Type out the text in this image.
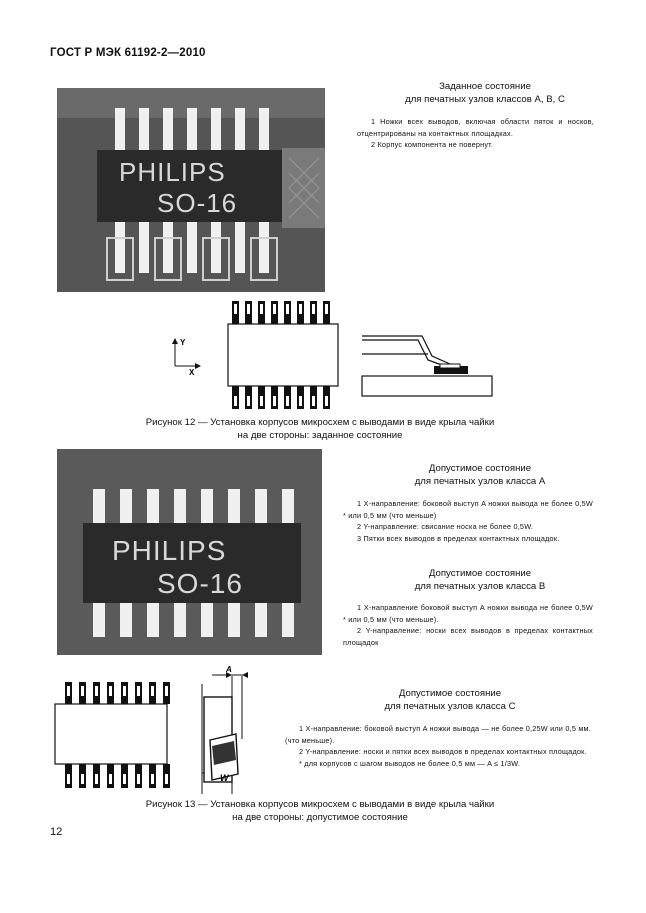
ГОСТ Р МЭК 61192-2—2010
PHILIPS
SO-16
Заданное состояние
для печатных узлов классов А, В, С

1 Ножки всех выводов, включая области пяток и носков, отцентрированы на контактных площадках.

2 Корпус компонента не повернут.

Y
X
Рисунок 12 — Установка корпусов микросхем с выводами в виде крыла чайки
на две стороны: заданное состояние
PHILIPS
SO-16
Допустимое состояние
для печатных узлов класса А

1 X-направление: боковой выступ A ножки вывода не более 0,5W * или 0,5 мм (что меньше)

2 Y-направление: свисание носка не более 0,5W.

3 Пятки всех выводов в пределах контактных площадок.

Допустимое состояние
для печатных узлов класса В

1 X-направление боковой выступ A ножки вывода не более 0,5W * или 0,5 мм (что меньше).

2 Y-направление: носки всех выводов в пределах контактных площадок

A
W
Допустимое состояние
для печатных узлов класса С

1 X-направление: боковой выступ A ножки вывода — не более 0,25W или 0,5 мм. (что меньше).

2 Y-направление: носки и пятки всех выводов в пределах контактных площадок.

* для корпусов с шагом выводов не более 0,5 мм — A ≤ 1/3W.

Рисунок 13 — Установка корпусов микросхем с выводами в виде крыла чайки
на две стороны: допустимое состояние
12
